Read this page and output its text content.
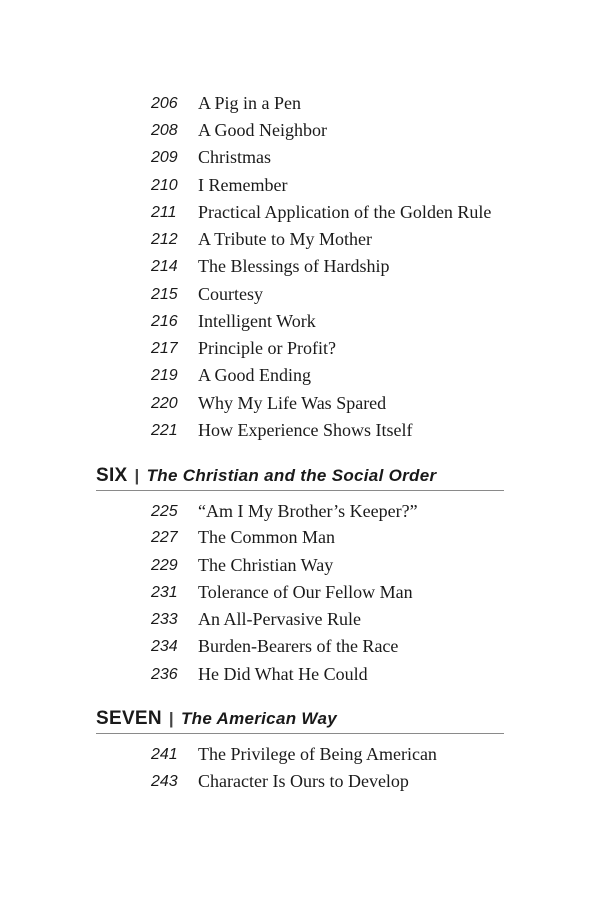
206 A Pig in a Pen
208 A Good Neighbor
209 Christmas
210 I Remember
211 Practical Application of the Golden Rule
212 A Tribute to My Mother
214 The Blessings of Hardship
215 Courtesy
216 Intelligent Work
217 Principle or Profit?
219 A Good Ending
220 Why My Life Was Spared
221 How Experience Shows Itself
SIX | The Christian and the Social Order
225 “Am I My Brother’s Keeper?”
227 The Common Man
229 The Christian Way
231 Tolerance of Our Fellow Man
233 An All-Pervasive Rule
234 Burden-Bearers of the Race
236 He Did What He Could
SEVEN | The American Way
241 The Privilege of Being American
243 Character Is Ours to Develop
